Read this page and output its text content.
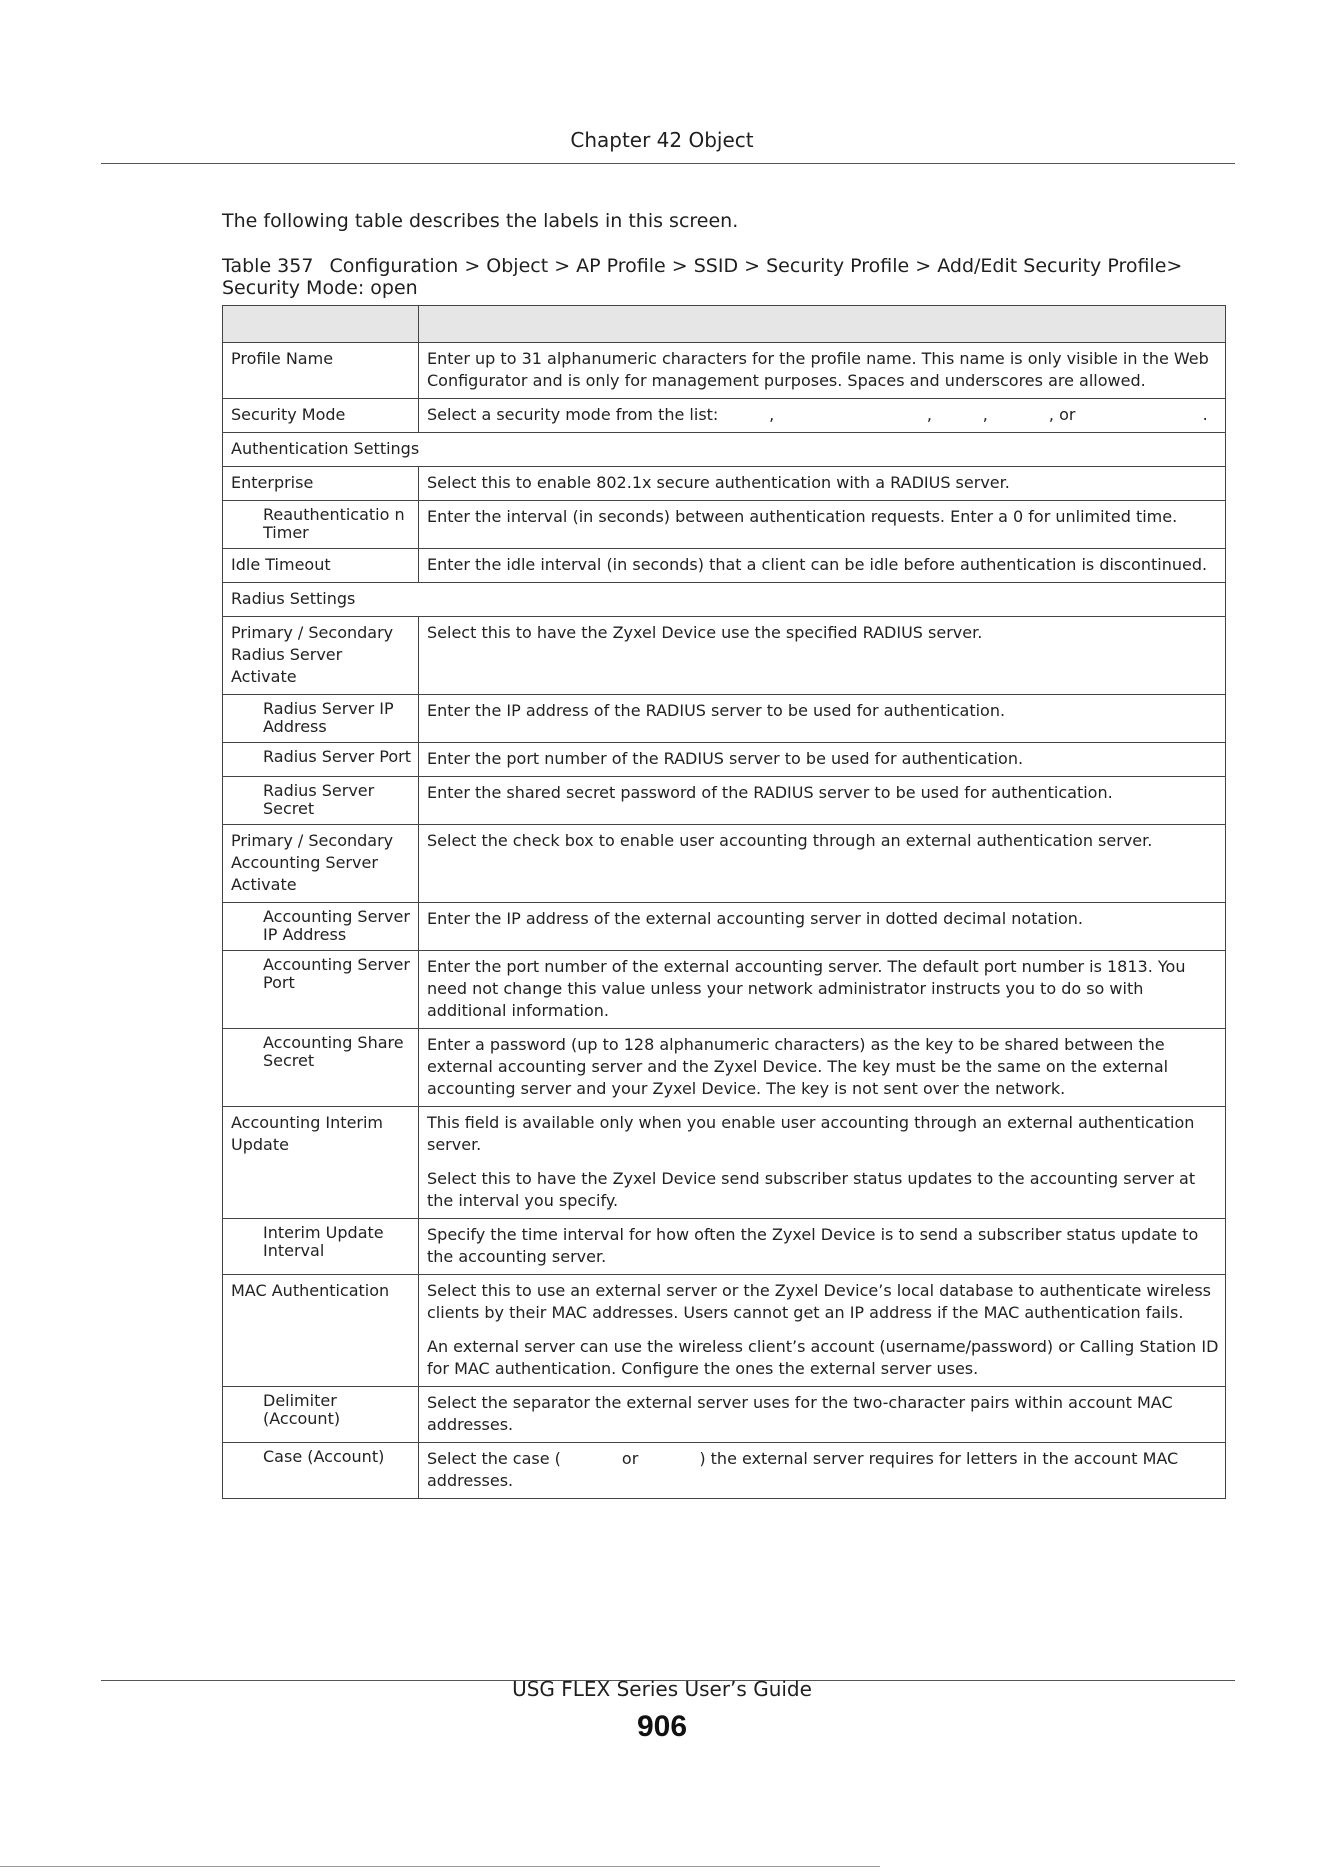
Chapter 42 Object
The following table describes the labels in this screen.
Table 357 Configuration > Object > AP Profile > SSID > Security Profile > Add/Edit Security Profile> Security Mode: open

Profile Name	Enter up to 31 alphanumeric characters for the profile name. This name is only visible in the Web Configurator and is only for management purposes. Spaces and underscores are allowed.
Security Mode	Select a security mode from the list:          ,                              ,          ,            , or                         .
Authentication Settings	
Enterprise	Select this to enable 802.1x secure authentication with a RADIUS server.
Reauthenticatio n Timer	Enter the interval (in seconds) between authentication requests. Enter a 0 for unlimited time.
Idle Timeout	Enter the idle interval (in seconds) that a client can be idle before authentication is discontinued.
Radius Settings	
Primary / Secondary Radius Server Activate	Select this to have the Zyxel Device use the specified RADIUS server.
Radius Server IP Address	Enter the IP address of the RADIUS server to be used for authentication.
Radius Server Port	Enter the port number of the RADIUS server to be used for authentication.
Radius Server Secret	Enter the shared secret password of the RADIUS server to be used for authentication.
Primary / Secondary Accounting Server Activate	Select the check box to enable user accounting through an external authentication server.
Accounting Server IP Address	Enter the IP address of the external accounting server in dotted decimal notation.
Accounting Server Port	Enter the port number of the external accounting server. The default port number is 1813. You need not change this value unless your network administrator instructs you to do so with additional information.
Accounting Share Secret	Enter a password (up to 128 alphanumeric characters) as the key to be shared between the external accounting server and the Zyxel Device. The key must be the same on the external accounting server and your Zyxel Device. The key is not sent over the network.
Accounting Interim Update	This field is available only when you enable user accounting through an external authentication server.
Select this to have the Zyxel Device send subscriber status updates to the accounting server at the interval you specify.

Interim Update Interval	Specify the time interval for how often the Zyxel Device is to send a subscriber status update to the accounting server.
MAC Authentication	Select this to use an external server or the Zyxel Device’s local database to authenticate wireless clients by their MAC addresses. Users cannot get an IP address if the MAC authentication fails.
An external server can use the wireless client’s account (username/password) or Calling Station ID for MAC authentication. Configure the ones the external server uses.

Delimiter (Account)	Select the separator the external server uses for the two-character pairs within account MAC addresses.
Case (Account)	Select the case (            or            ) the external server requires for letters in the account MAC addresses.
USG FLEX Series User’s Guide
906
